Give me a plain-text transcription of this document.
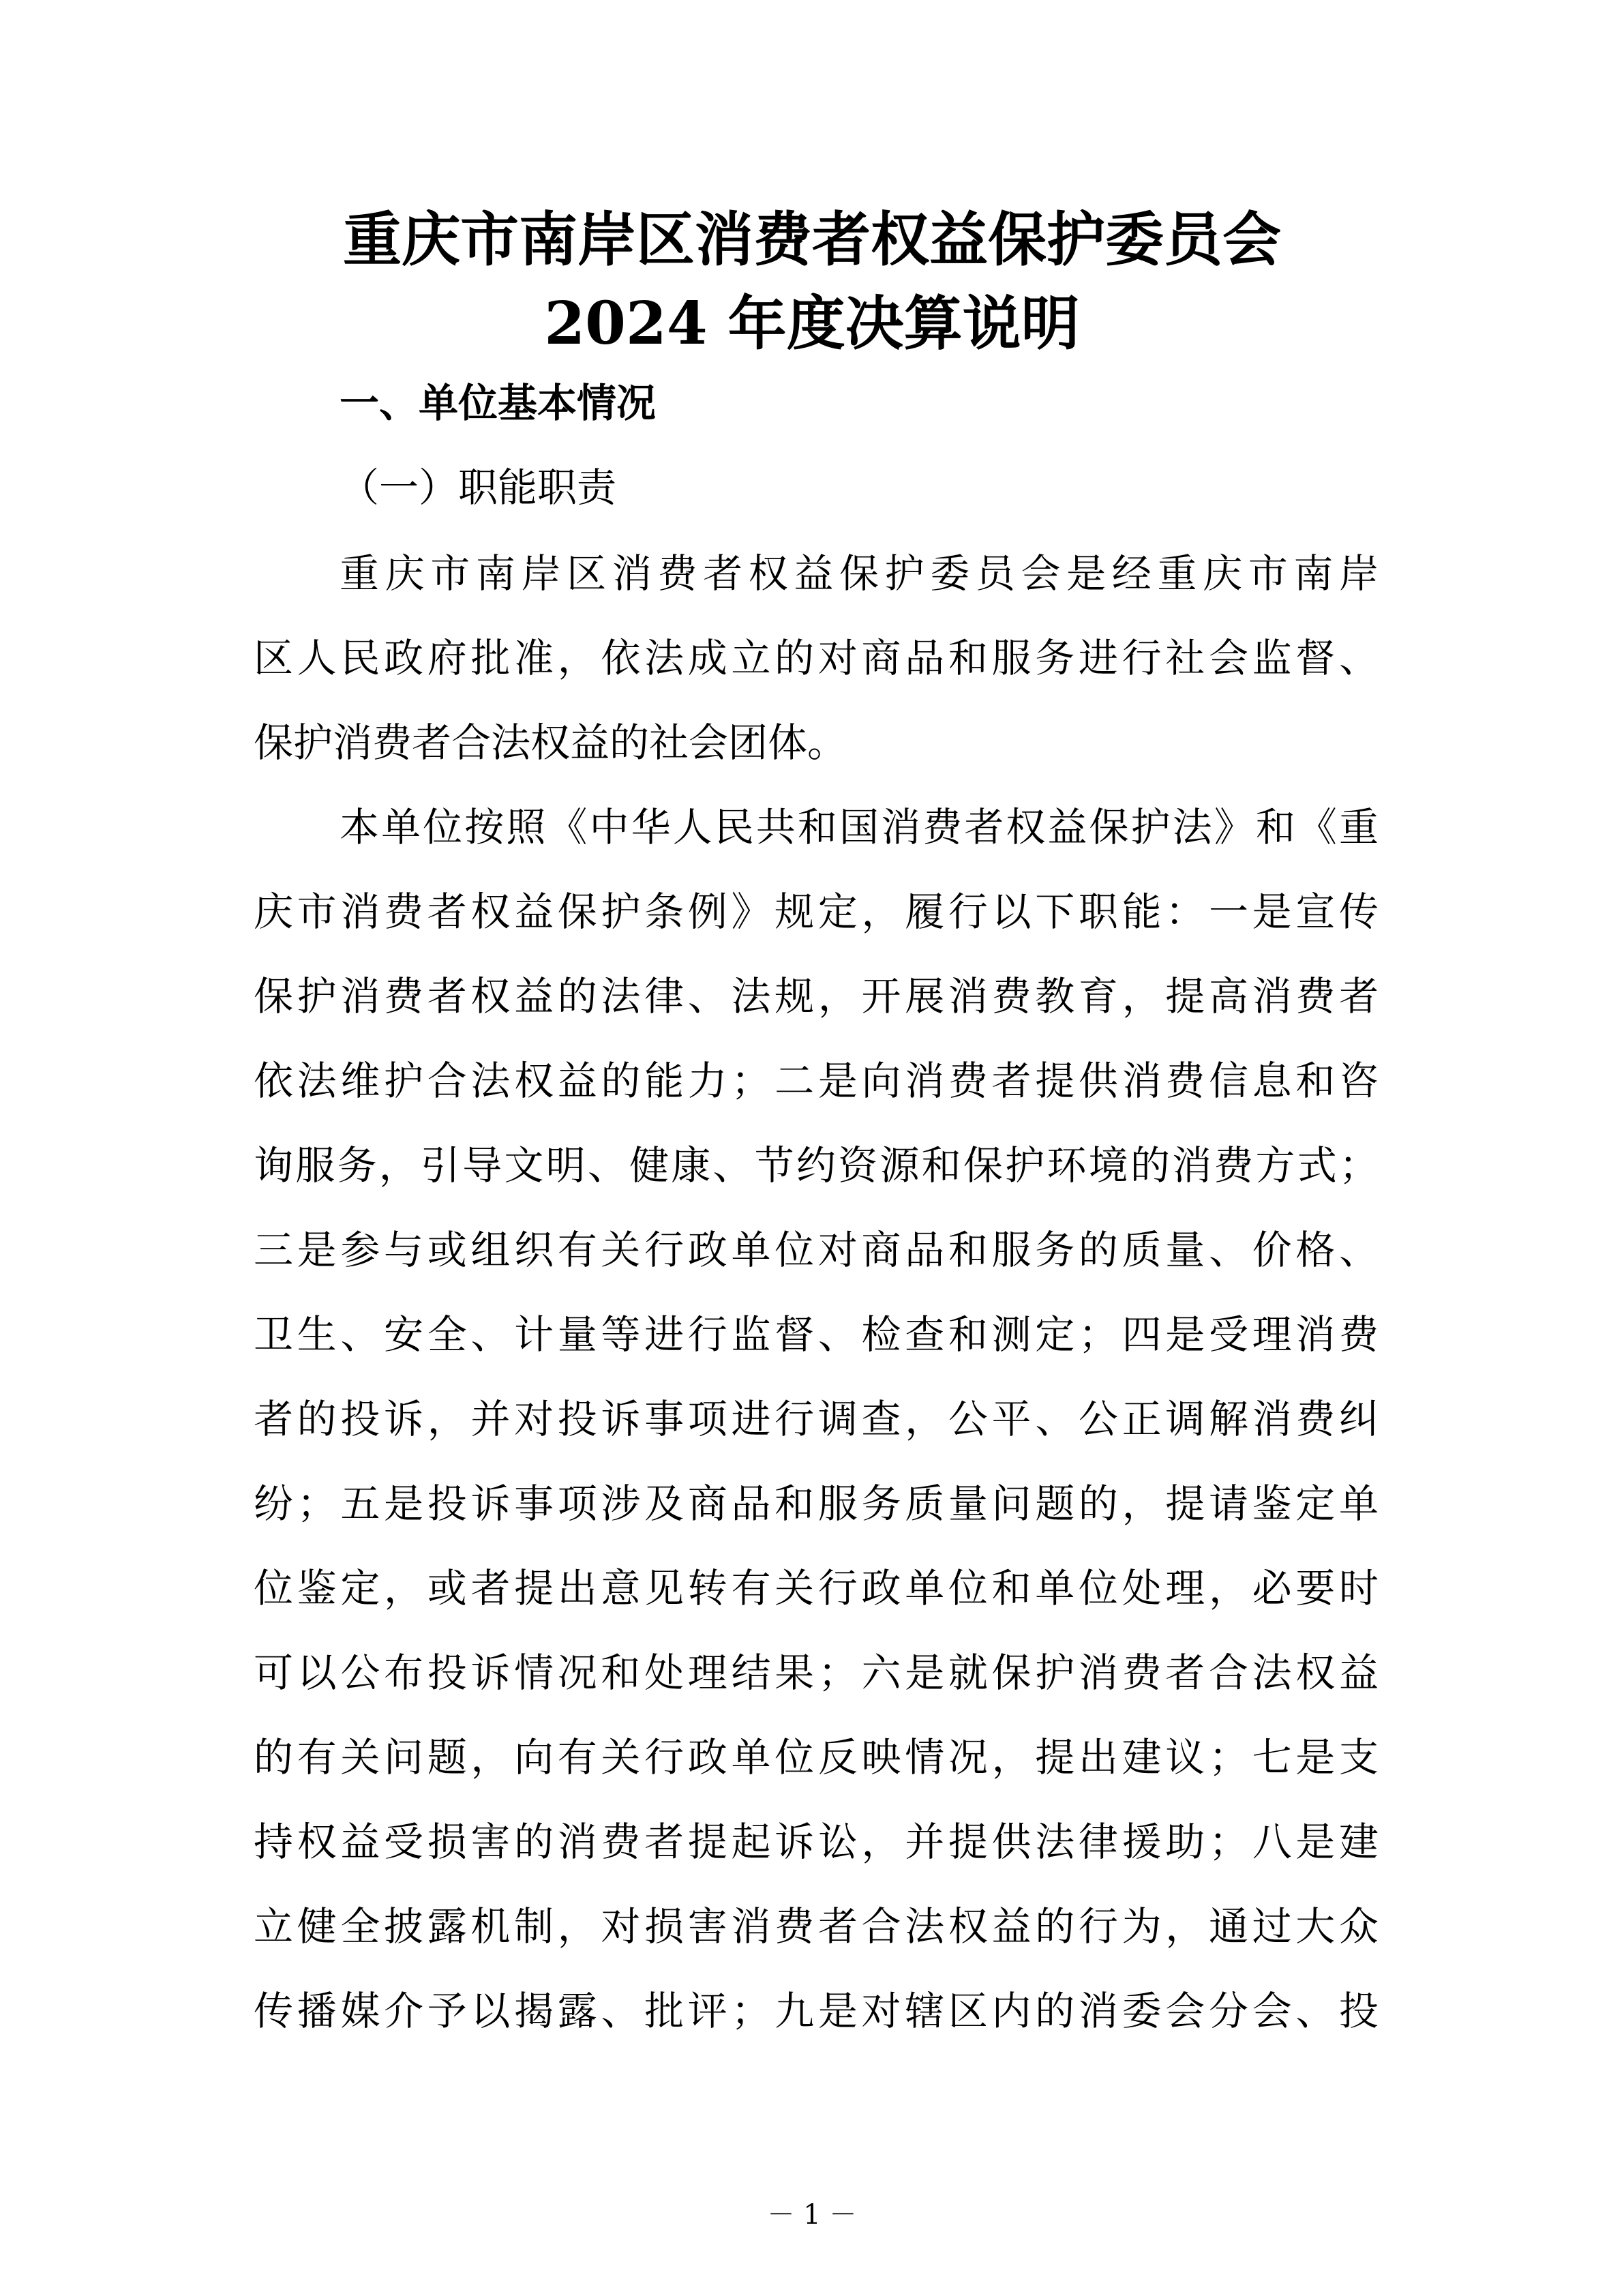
重庆市南岸区消费者权益保护委员会
2024 年度决算说明
一、单位基本情况
（一）职能职责
重庆市南岸区消费者权益保护委员会是经重庆市南岸
区人民政府批准，依法成立的对商品和服务进行社会监督、
保护消费者合法权益的社会团体。
本单位按照《中华人民共和国消费者权益保护法》和《重
庆市消费者权益保护条例》规定，履行以下职能：一是宣传
保护消费者权益的法律、法规，开展消费教育，提高消费者
依法维护合法权益的能力；二是向消费者提供消费信息和咨
询服务，引导文明、健康、节约资源和保护环境的消费方式；
三是参与或组织有关行政单位对商品和服务的质量、价格、
卫生、安全、计量等进行监督、检查和测定；四是受理消费
者的投诉，并对投诉事项进行调查，公平、公正调解消费纠
纷；五是投诉事项涉及商品和服务质量问题的，提请鉴定单
位鉴定，或者提出意见转有关行政单位和单位处理，必要时
可以公布投诉情况和处理结果；六是就保护消费者合法权益
的有关问题，向有关行政单位反映情况，提出建议；七是支
持权益受损害的消费者提起诉讼，并提供法律援助；八是建
立健全披露机制，对损害消费者合法权益的行为，通过大众
传播媒介予以揭露、批评；九是对辖区内的消委会分会、投
－ 1 －
